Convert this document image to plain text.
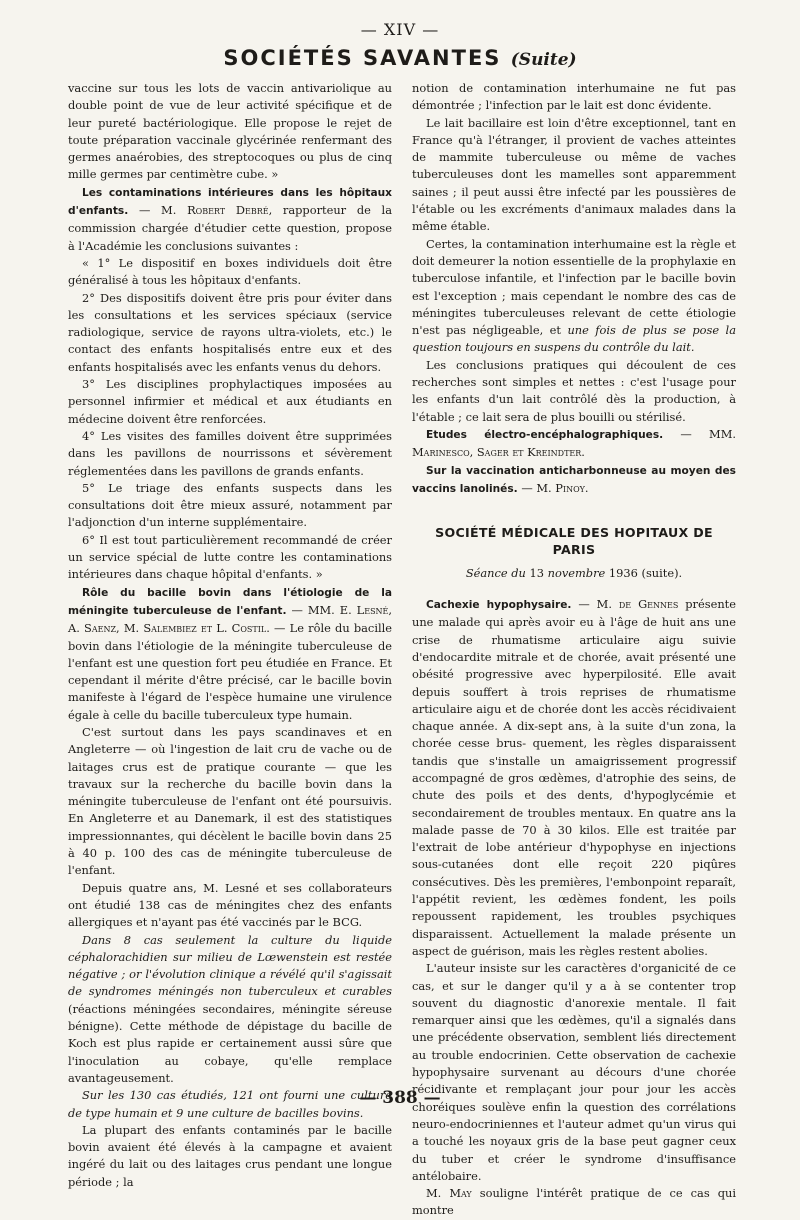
— XIV —
SOCIÉTÉS SAVANTES (Suite)

vaccine sur tous les lots de vaccin antivariolique au double point de vue de leur activité spécifique et de leur pureté bactériologique. Elle propose le rejet de toute préparation vaccinale glycérinée renfermant des germes anaérobies, des streptocoques ou plus de cinq mille germes par centimètre cube. »

Les contaminations intérieures dans les hôpitaux d'enfants. — M. Robert Debré, rapporteur de la commission chargée d'étudier cette question, propose à l'Académie les conclusions suivantes :

« 1° Le dispositif en boxes individuels doit être généralisé à tous les hôpitaux d'enfants.

2° Des dispositifs doivent être pris pour éviter dans les consultations et les services spéciaux (service radiologique, service de rayons ultra-violets, etc.) le contact des enfants hospitalisés entre eux et des enfants hospitalisés avec les enfants venus du dehors.

3° Les disciplines prophylactiques imposées au personnel infirmier et médical et aux étudiants en médecine doivent être renforcées.

4° Les visites des familles doivent être supprimées dans les pavillons de nourrissons et sévèrement réglementées dans les pavillons de grands enfants.

5° Le triage des enfants suspects dans les consultations doit être mieux assuré, notamment par l'adjonction d'un interne supplémentaire.

6° Il est tout particulièrement recommandé de créer un service spécial de lutte contre les contaminations intérieures dans chaque hôpital d'enfants. »

Rôle du bacille bovin dans l'étiologie de la méningite tuberculeuse de l'enfant. — MM. E. Lesné, A. Saenz, M. Salembiez et L. Costil. — Le rôle du bacille bovin dans l'étiologie de la méningite tuberculeuse de l'enfant est une question fort peu étudiée en France. Et cependant il mérite d'être précisé, car le bacille bovin manifeste à l'égard de l'espèce humaine une virulence égale à celle du bacille tuberculeux type humain.

C'est surtout dans les pays scandinaves et en Angleterre — où l'ingestion de lait cru de vache ou de laitages crus est de pratique courante — que les travaux sur la recherche du bacille bovin dans la méningite tuberculeuse de l'enfant ont été poursuivis. En Angleterre et au Danemark, il est des statistiques impressionnantes, qui décèlent le bacille bovin dans 25 à 40 p. 100 des cas de méningite tuberculeuse de l'enfant.

Depuis quatre ans, M. Lesné et ses collaborateurs ont étudié 138 cas de méningites chez des enfants allergiques et n'ayant pas été vaccinés par le BCG.

Dans 8 cas seulement la culture du liquide céphalorachidien sur milieu de Lœwenstein est restée négative ; or l'évolution clinique a révélé qu'il s'agissait de syndromes méningés non tuberculeux et curables (réactions méningées secondaires, méningite séreuse bénigne). Cette méthode de dépistage du bacille de Koch est plus rapide er certainement aussi sûre que l'inoculation au cobaye, qu'elle remplace avantageusement.

Sur les 130 cas étudiés, 121 ont fourni une culture de type humain et 9 une culture de bacilles bovins.

La plupart des enfants contaminés par le bacille bovin avaient été élevés à la campagne et avaient ingéré du lait ou des laitages crus pendant une longue période ; la

notion de contamination interhumaine ne fut pas démontrée ; l'infection par le lait est donc évidente.

Le lait bacillaire est loin d'être exceptionnel, tant en France qu'à l'étranger, il provient de vaches atteintes de mammite tuberculeuse ou même de vaches tuberculeuses dont les mamelles sont apparemment saines ; il peut aussi être infecté par les poussières de l'étable ou les excréments d'animaux malades dans la même étable.

Certes, la contamination interhumaine est la règle et doit demeurer la notion essentielle de la prophylaxie en tuberculose infantile, et l'infection par le bacille bovin est l'exception ; mais cependant le nombre des cas de méningites tuberculeuses relevant de cette étiologie n'est pas négligeable, et une fois de plus se pose la question toujours en suspens du contrôle du lait.

Les conclusions pratiques qui découlent de ces recherches sont simples et nettes : c'est l'usage pour les enfants d'un lait contrôlé dès la production, à l'étable ; ce lait sera de plus bouilli ou stérilisé.

Etudes électro-encéphalographiques. — MM. Marinesco, Sager et Kreindter.

Sur la vaccination anticharbonneuse au moyen des vaccins lanolinés. — M. Pinoy.

SOCIÉTÉ MÉDICALE DES HOPITAUX DE PARIS
Séance du 13 novembre 1936 (suite).

Cachexie hypophysaire. — M. de Gennes présente une malade qui après avoir eu à l'âge de huit ans une crise de rhumatisme articulaire aigu suivie d'endocardite mitrale et de chorée, avait présenté une obésité progressive avec hyperpilosité. Elle avait depuis souffert à trois reprises de rhumatisme articulaire aigu et de chorée dont les accès récidivaient chaque année. A dix-sept ans, à la suite d'un zona, la chorée cesse brus- quement, les règles disparaissent tandis que s'installe un amaigrissement progressif accompagné de gros œdèmes, d'atrophie des seins, de chute des poils et des dents, d'hypoglycémie et secondairement de troubles mentaux. En quatre ans la malade passe de 70 à 30 kilos. Elle est traitée par l'extrait de lobe antérieur d'hypophyse en injections sous-cutanées dont elle reçoit 220 piqûres consécutives. Dès les premières, l'embonpoint reparaît, l'appétit revient, les œdèmes fondent, les poils repoussent rapidement, les troubles psychiques disparaissent. Actuellement la malade présente un aspect de guérison, mais les règles restent abolies.

L'auteur insiste sur les caractères d'organicité de ce cas, et sur le danger qu'il y a à se contenter trop souvent du diagnostic d'anorexie mentale. Il fait remarquer ainsi que les œdèmes, qu'il a signalés dans une précédente observation, semblent liés directement au trouble endocrinien. Cette observation de cachexie hypophysaire survenant au décours d'une chorée récidivante et remplaçant jour pour jour les accès choréiques soulève enfin la question des corrélations neuro-endocriniennes et l'auteur admet qu'un virus qui a touché les noyaux gris de la base peut gagner ceux du tuber et créer le syndrome d'insuffisance antélobaire.

M. May souligne l'intérêt pratique de ce cas qui montre

— 388 —
